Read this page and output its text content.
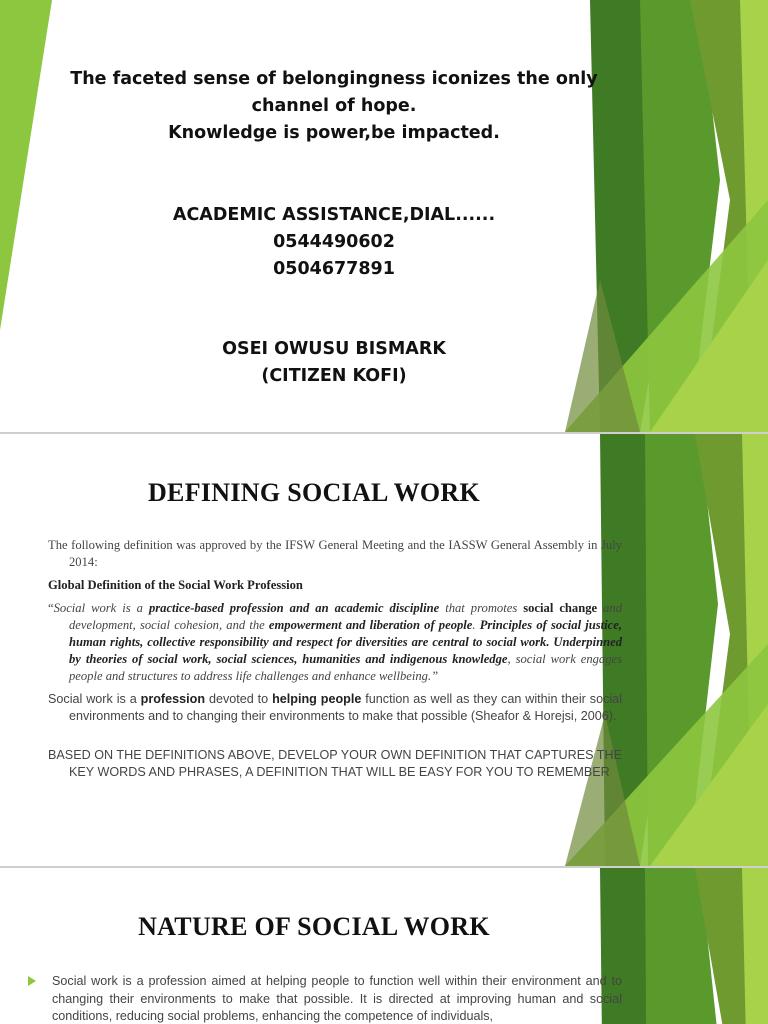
The faceted sense of belongingness iconizes the only
channel of hope.
Knowledge is power,be impacted.
ACADEMIC ASSISTANCE,DIAL......
0544490602
0504677891
OSEI OWUSU BISMARK
(CITIZEN KOFI)
DEFINING SOCIAL WORK

The following definition was approved by the IFSW General Meeting and the IASSW General Assembly in July 2014:

Global Definition of the Social Work Profession

“Social work is a practice-based profession and an academic discipline that promotes social change and development, social cohesion, and the empowerment and liberation of people. Principles of social justice, human rights, collective responsibility and respect for diversities are central to social work. Underpinned by theories of social work, social sciences, humanities and indigenous knowledge, social work engages people and structures to address life challenges and enhance wellbeing.”

Social work is a profession devoted to helping people function as well as they can within their social environments and to changing their environments to make that possible (Sheafor & Horejsi, 2006).

BASED ON THE DEFINITIONS ABOVE, DEVELOP YOUR OWN DEFINITION THAT CAPTURES THE KEY WORDS AND PHRASES, A DEFINITION THAT WILL BE EASY FOR YOU TO REMEMBER

NATURE OF SOCIAL WORK
Social work is a profession aimed at helping people to function well within their environment and to changing their environments to make that possible. It is directed at improving human and social conditions, reducing social problems, enhancing the competence of individuals,
